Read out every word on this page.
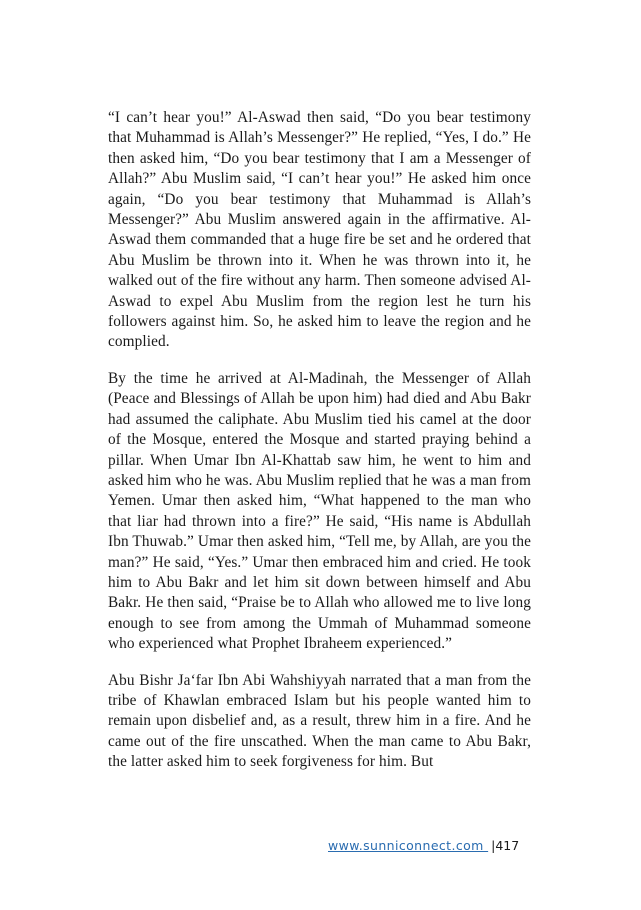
“I can’t hear you!” Al-Aswad then said, “Do you bear testimony that Muhammad is Allah’s Messenger?” He replied, “Yes, I do.” He then asked him, “Do you bear testimony that I am a Messenger of Allah?” Abu Muslim said, “I can’t hear you!” He asked him once again, “Do you bear testimony that Muhammad is Allah’s Messenger?” Abu Muslim answered again in the affirmative. Al-Aswad them commanded that a huge fire be set and he ordered that Abu Muslim be thrown into it. When he was thrown into it, he walked out of the fire without any harm. Then someone advised Al-Aswad to expel Abu Muslim from the region lest he turn his followers against him. So, he asked him to leave the region and he complied.

By the time he arrived at Al-Madinah, the Messenger of Allah (Peace and Blessings of Allah be upon him) had died and Abu Bakr had assumed the caliphate. Abu Muslim tied his camel at the door of the Mosque, entered the Mosque and started praying behind a pillar. When Umar Ibn Al-Khattab saw him, he went to him and asked him who he was. Abu Muslim replied that he was a man from Yemen. Umar then asked him, “What happened to the man who that liar had thrown into a fire?” He said, “His name is Abdullah Ibn Thuwab.” Umar then asked him, “Tell me, by Allah, are you the man?” He said, “Yes.” Umar then embraced him and cried. He took him to Abu Bakr and let him sit down between himself and Abu Bakr. He then said, “Praise be to Allah who allowed me to live long enough to see from among the Ummah of Muhammad someone who experienced what Prophet Ibraheem experienced.”

Abu Bishr Ja‘far Ibn Abi Wahshiyyah narrated that a man from the tribe of Khawlan embraced Islam but his people wanted him to remain upon disbelief and, as a result, threw him in a fire. And he came out of the fire unscathed. When the man came to Abu Bakr, the latter asked him to seek forgiveness for him. But

www.sunniconnect.com |417
